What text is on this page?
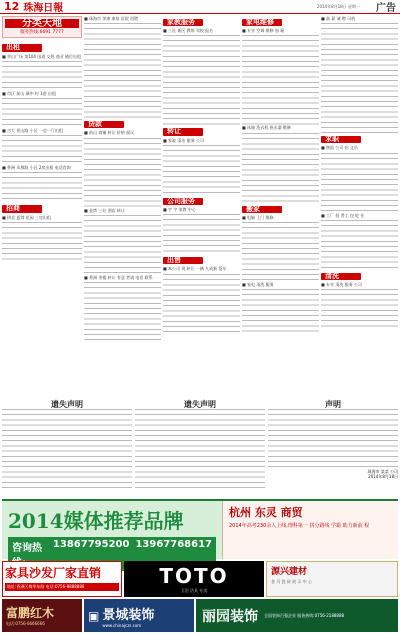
12 珠海日報	2014年8月18日 星期一 广告
分类天地
服务热线:6691 7777
出租
■ 翠山广场 第104 国道 交界 商业 铺位出租
■ 市区 前山 城中 村 1套 出租
■ 吉大 景山路 小区 一房一厅出租
■ 香洲 凤凰路 小区 2房出租 电话咨询
招商
■ 拱北 夏湾 花园 三房出租
■ 珠海市 荣康 康复 医院 招聘
贷款
■ 前山 商铺 转让 价格 面议
■ 金湾 三灶 酒店 转让
■ 香洲 茶楼 转让 有意 者请 电话 联系
家教服务
■ 三灶 新区 教练 驾校 报名
转让
■ 家政 清洁 服务 公司
公司服务
■ 宇 宇 家教 中心
出售
■ 本公司 现 转让 一辆 九成新 货车
家电维修
■ 专业 空调 维修 加 氟
■ 冰箱 洗衣机 热水器 维修
搬家
■ 电脑 上门 维修
■ 家电 清洗 服务
■ 高 薪 诚 聘 司机
求职
■ 物流 公司 招 文员
■ 工厂 招 普工 包 吃 住
清洗
■ 专业 清洗 服务 公司
遗失声明	遗失声明	声明
珠海市 某某 公司
2014年8月18日
2014媒体推荐品牌
咨询热	13867795200 13967768617
杭州 东灵 商贸
2014年高考230余人上线,理科第一 拼分路线 学霸 助力新前 程
家具沙发厂家直销
地址:香洲区梅华东路 电话:0756-8888888	TOTO
卫浴 洁具 专卖
源兴建材
金 马 瓷 砖 展 示 中 心
富鹏红木
电话:0756-6666666
▣ 景城装饰
www.chinajczs.com
丽园装饰 全国装饰百强企业 服务热线:0756-2188888
